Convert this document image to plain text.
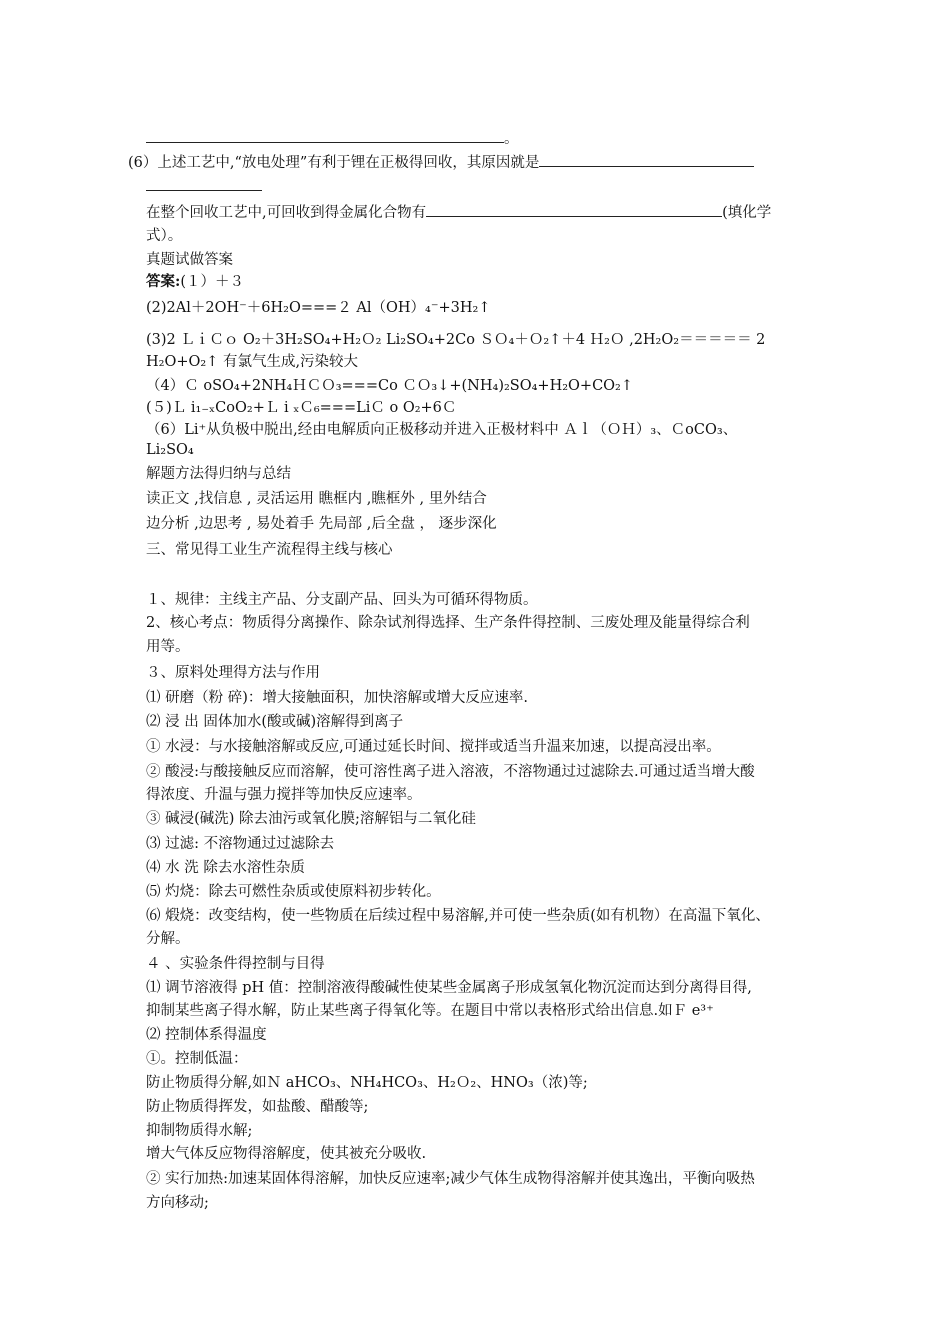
。
(6）上述工艺中,“放电处理”有利于锂在正极得回收，其原因就是
在整个回收工艺中,可回收到得金属化合物有	(填化学
式）。
真题试做答案
答案:(１）＋３
(2)2Al＋2OH⁻＋6H₂O===２ Al（OH）₄⁻+3H₂↑
(3)2 ＬｉＣｏ O₂＋3H₂SO₄+H₂Ｏ₂ Li₂SO₄+2Co ＳＯ₄＋Ｏ₂↑＋4 Ｈ₂Ｏ ,2H₂O₂＝＝＝＝＝ 2
H₂O+O₂↑ 有氯气生成,污染较大
（4）Ｃ oSO₄+2NH₄ＨＣＯ₃===Co ＣＯ₃↓+(NH₄)₂SO₄+H₂O+CO₂↑
(５)Ｌ i₁₋ₓCoO₂+Ｌ i ₓＣ₆===LiＣ o O₂+6Ｃ
（6）Li⁺从负极中脱出,经由电解质向正极移动并进入正极材料中 Ａｌ（ＯＨ）₃、ＣoCO₃、
Li₂SO₄
解题方法得归纳与总结
读正文 ,找信息 , 灵活运用 瞧框内 ,瞧框外 , 里外结合
边分析 ,边思考 , 易处着手 先局部 ,后全盘 ， 逐步深化
三、常见得工业生产流程得主线与核心
１、规律：主线主产品、分支副产品、回头为可循环得物质。
2、核心考点：物质得分离操作、除杂试剂得选择、生产条件得控制、三废处理及能量得综合利
用等。
３、原料处理得方法与作用
⑴ 研磨（粉 碎)：增大接触面积，加快溶解或增大反应速率.
⑵ 浸 出 固体加水(酸或碱)溶解得到离子
① 水浸：与水接触溶解或反应,可通过延长时间、搅拌或适当升温来加速，以提高浸出率。
② 酸浸:与酸接触反应而溶解，使可溶性离子进入溶液，不溶物通过过滤除去.可通过适当增大酸
得浓度、升温与强力搅拌等加快反应速率。
③ 碱浸(碱洗) 除去油污或氧化膜;溶解铝与二氧化硅
⑶ 过滤: 不溶物通过过滤除去
⑷ 水 洗 除去水溶性杂质
⑸ 灼烧：除去可燃性杂质或使原料初步转化。
⑹ 煅烧：改变结构，使一些物质在后续过程中易溶解,并可使一些杂质(如有机物）在高温下氧化、
分解。
４ 、实验条件得控制与目得
⑴ 调节溶液得 pH 值：控制溶液得酸碱性使某些金属离子形成氢氧化物沉淀而达到分离得目得,
抑制某些离子得水解，防止某些离子得氧化等。在题目中常以表格形式给出信息.如Ｆ e³⁺
⑵ 控制体系得温度
①。控制低温：
防止物质得分解,如Ｎ aHCO₃、NH₄HCO₃、H₂Ｏ₂、HNO₃（浓)等;
防止物质得挥发，如盐酸、醋酸等;
抑制物质得水解;
增大气体反应物得溶解度，使其被充分吸收.
② 实行加热:加速某固体得溶解，加快反应速率;减少气体生成物得溶解并使其逸出，平衡向吸热
方向移动;
